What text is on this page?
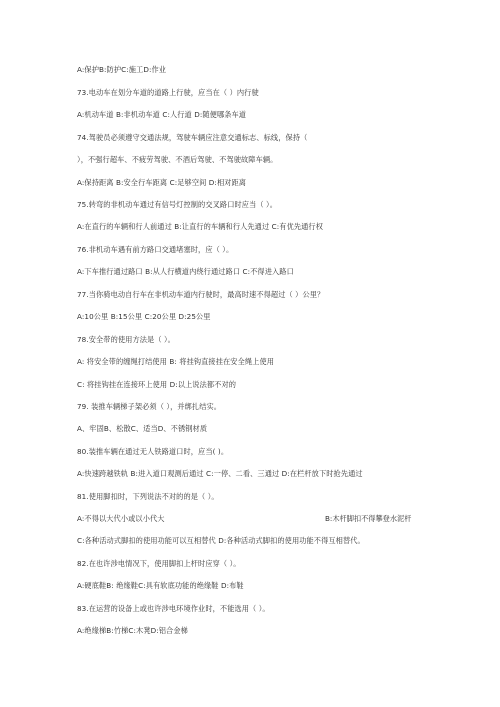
A:保护B:防护C:施工D:作业
73.电动车在划分车道的道路上行驶，应当在（ ）内行驶
A:机动车道 B:非机动车道 C:人行道 D:随便哪条车道
74.驾驶员必须遵守交通法规，驾驶车辆应注意交通标志、标线，保持（
），不强行超车、不疲劳驾驶、不酒后驾驶、不驾驶故障车辆。
A:保持距离 B:安全行车距离 C:足够空间 D:相对距离
75.转弯的非机动车通过有信号灯控制的交叉路口时应当（ ）。
A:在直行的车辆和行人前通过 B:让直行的车辆和行人先通过 C:有优先通行权
76.非机动车遇有前方路口交通堵塞时，应（ ）。
A:下车推行通过路口 B:从人行横道内绕行通过路口 C:不得进入路口
77.当你骑电动自行车在非机动车道内行驶时，最高时速不得超过（ ）公里？
A:10公里 B:15公里 C:20公里 D:25公里
78.安全带的使用方法是（ ）。
A: 将安全带的缠绳打结使用 B: 将挂钩直接挂在安全绳上使用
C: 将挂钩挂在连接环上使用 D:以上说法都不对的
79. 装推车辆梯子架必须（ ），并绑扎结实。
A、牢固B、松散C、适当D、不锈钢材质
80.装推车辆在通过无人铁路道口时，应当( )。
A:快速跨越铁轨 B:进入道口观测后通过 C:一停、二看、三通过 D:在栏杆放下时抢先通过
81.使用脚扣时，下列说法不对的的是（ ）。
A:不得以大代小或以小代大	B:木杆脚扣不得攀登水泥杆
C:各种活动式脚扣的使用功能可以互相替代 D:各种活动式脚扣的使用功能不得互相替代。
82.在也许涉电情况下，使用脚扣上杆时应穿（ ）。
A:硬底鞋B: 绝缘鞋C:具有软底功能的绝缘鞋 D:布鞋
83.在运营的设备上或也许涉电环境作业时，不能选用（ ）。
A:绝缘梯B:竹梯C:木凳D:铝合金梯
